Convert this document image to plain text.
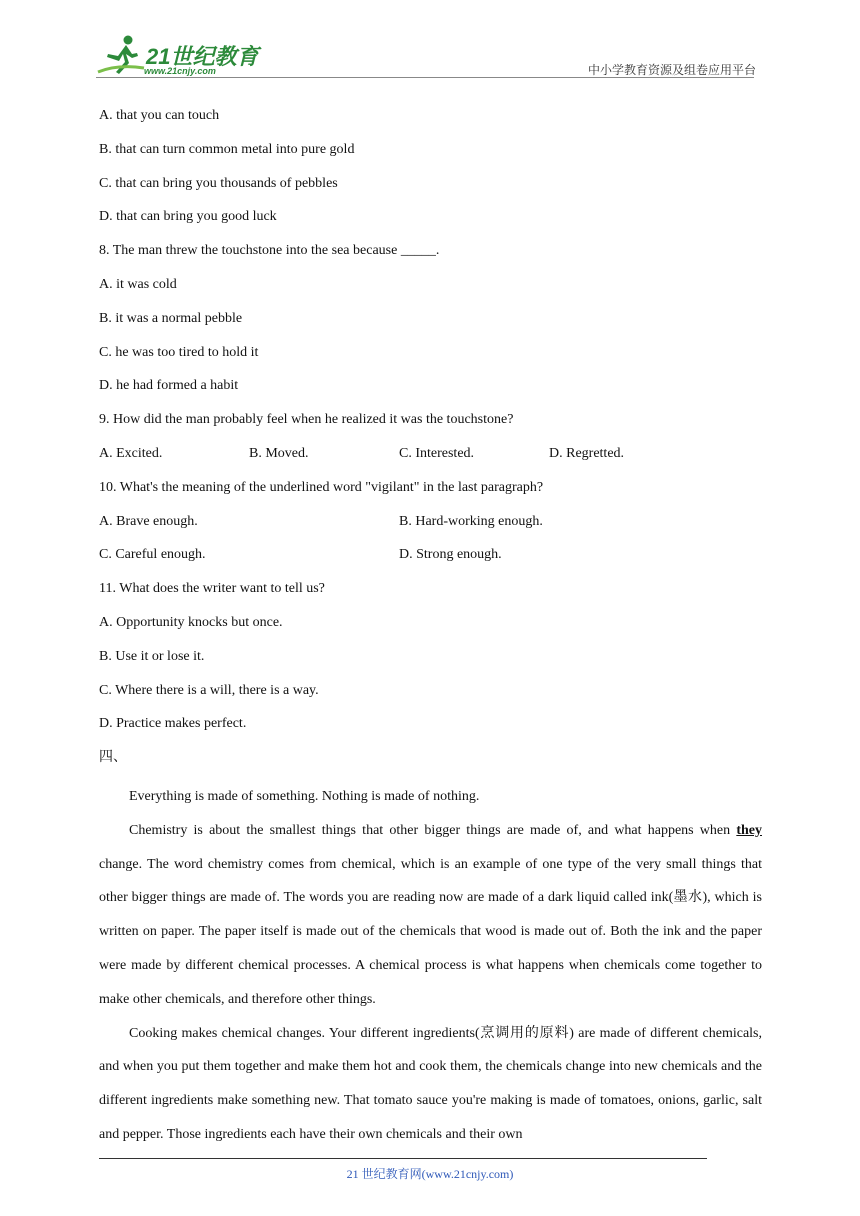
21世纪教育
www.21cnjy.com	中小学教育资源及组卷应用平台
A. that you can touch
B. that can turn common metal into pure gold
C. that can bring you thousands of pebbles
D. that can bring you good luck
8. The man threw the touchstone into the sea because _____.
A. it was cold
B. it was a normal pebble
C. he was too tired to hold it
D. he had formed a habit
9. How did the man probably feel when he realized it was the touchstone?
A. Excited.	B. Moved.	C. Interested.	D. Regretted.
10. What's the meaning of the underlined word "vigilant" in the last paragraph?
A. Brave enough.	B. Hard-working enough.
C. Careful enough.	D. Strong enough.
11. What does the writer want to tell us?
A. Opportunity knocks but once.
B. Use it or lose it.
C. Where there is a will, there is a way.
D. Practice makes perfect.
四、

Everything is made of something. Nothing is made of nothing.

Chemistry is about the smallest things that other bigger things are made of, and what happens when they change. The word chemistry comes from chemical, which is an example of one type of the very small things that other bigger things are made of. The words you are reading now are made of a dark liquid called ink(墨水), which is written on paper. The paper itself is made out of the chemicals that wood is made out of. Both the ink and the paper were made by different chemical processes. A chemical process is what happens when chemicals come together to make other chemicals, and therefore other things.

Cooking makes chemical changes. Your different ingredients(烹调用的原料) are made of different chemicals, and when you put them together and make them hot and cook them, the chemicals change into new chemicals and the different ingredients make something new. That tomato sauce you're making is made of tomatoes, onions, garlic, salt and pepper. Those ingredients each have their own chemicals and their own

21 世纪教育网(www.21cnjy.com)
